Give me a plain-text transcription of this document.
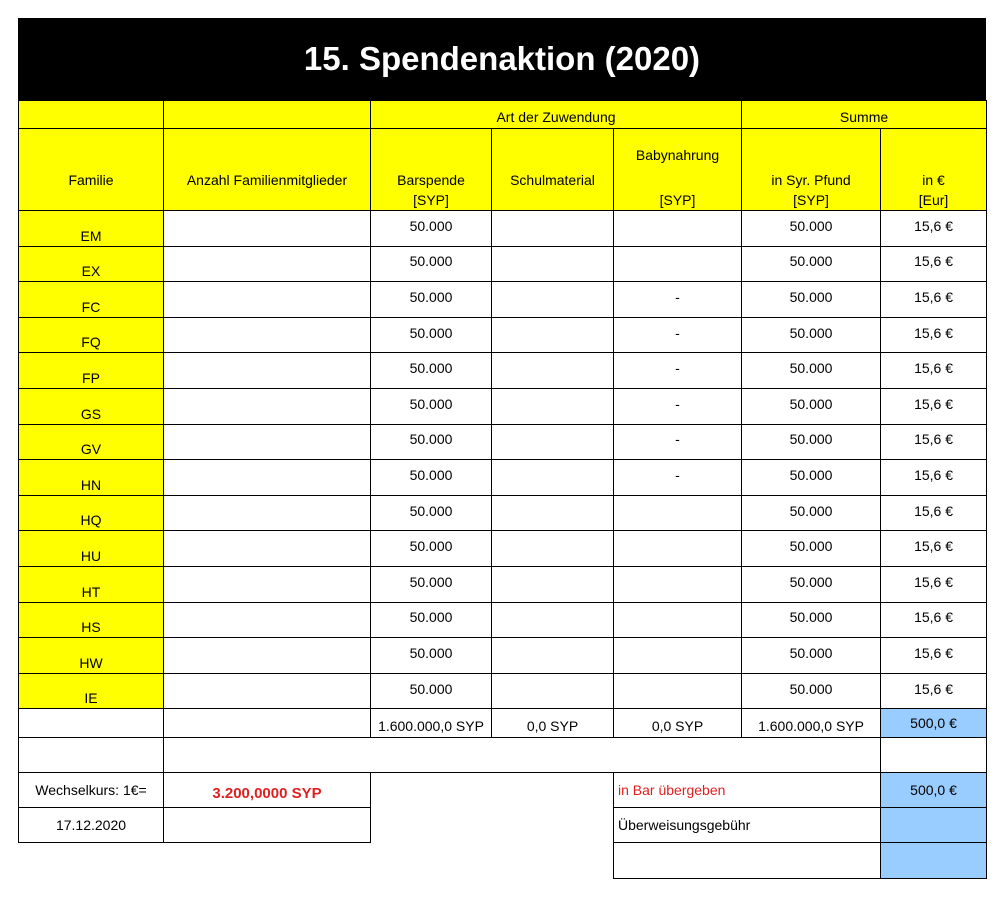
15. Spendenaktion (2020)
		Art der Zuwendung			Summe	
Familie	Anzahl Familienmitglieder	Barspende	Schulmaterial	Babynahrung	in Syr. Pfund	in €
		[SYP]		[SYP]	[SYP]	[Eur]
EM		50.000			50.000	15,6 €
EX		50.000			50.000	15,6 €
FC		50.000		-	50.000	15,6 €
FQ		50.000		-	50.000	15,6 €
FP		50.000		-	50.000	15,6 €
GS		50.000		-	50.000	15,6 €
GV		50.000		-	50.000	15,6 €
HN		50.000		-	50.000	15,6 €
HQ		50.000			50.000	15,6 €
HU		50.000			50.000	15,6 €
HT		50.000			50.000	15,6 €
HS		50.000			50.000	15,6 €
HW		50.000			50.000	15,6 €
IE		50.000			50.000	15,6 €
		1.600.000,0 SYP	0,0 SYP	0,0 SYP	1.600.000,0 SYP	500,0 €

Wechselkurs: 1€=	3.200,0000 SYP			in Bar übergeben		500,0 €
17.12.2020				Überweisungsgebühr		
